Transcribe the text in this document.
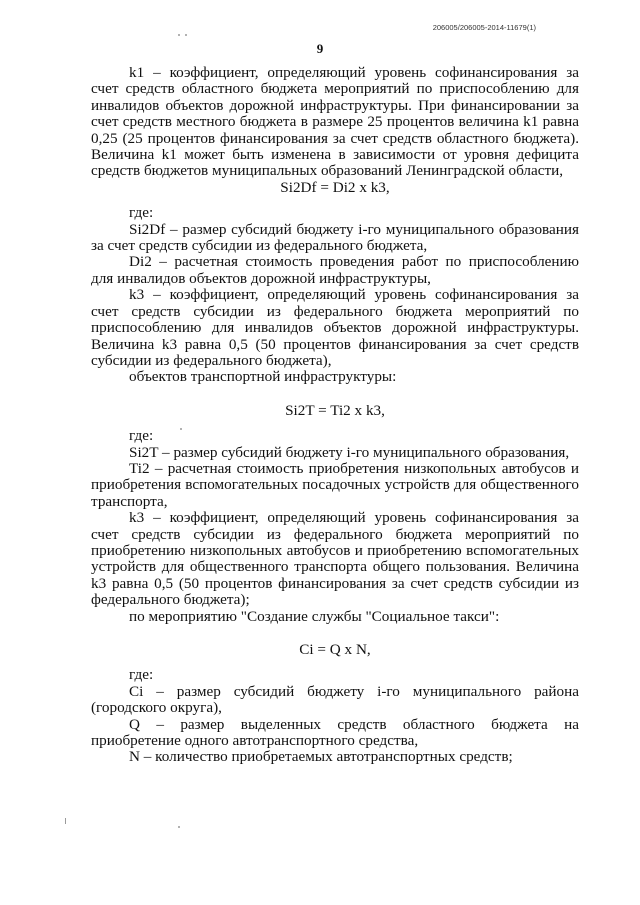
206005/206005-2014-11679(1)
9

k1 – коэффициент, определяющий уровень софинансирования за счет средств областного бюджета мероприятий по приспособлению для инвалидов объектов дорожной инфраструктуры. При финансировании за счет средств местного бюджета в размере 25 процентов величина k1 равна 0,25 (25 процентов финансирования за счет средств областного бюджета). Величина k1 может быть изменена в зависимости от уровня дефицита средств бюджетов муниципальных образований Ленинградской области,

Si2Df = Di2 x k3,

где:

Si2Df – размер субсидий бюджету i-го муниципального образования за счет средств субсидии из федерального бюджета,

Di2 – расчетная стоимость проведения работ по приспособлению для инвалидов объектов дорожной инфраструктуры,

k3 – коэффициент, определяющий уровень софинансирования за счет средств субсидии из федерального бюджета мероприятий по приспособлению для инвалидов объектов дорожной инфраструктуры. Величина k3 равна 0,5 (50 процентов финансирования за счет средств субсидии из федерального бюджета),

объектов транспортной инфраструктуры:

Si2T = Ti2 x k3,

где:

Si2T – размер субсидий бюджету i-го муниципального образования,

Ti2 – расчетная стоимость приобретения низкопольных автобусов и приобретения вспомогательных посадочных устройств для общественного транспорта,

k3 – коэффициент, определяющий уровень софинансирования за счет средств субсидии из федерального бюджета мероприятий по приобретению низкопольных автобусов и приобретению вспомогательных устройств для общественного транспорта общего пользования. Величина k3 равна 0,5 (50 процентов финансирования за счет средств субсидии из федерального бюджета);

по мероприятию "Создание службы "Социальное такси":

Ci = Q x N,

где:

Ci – размер субсидий бюджету i-го муниципального района (городского округа),

Q – размер выделенных средств областного бюджета на приобретение одного автотранспортного средства,

N – количество приобретаемых автотранспортных средств;
